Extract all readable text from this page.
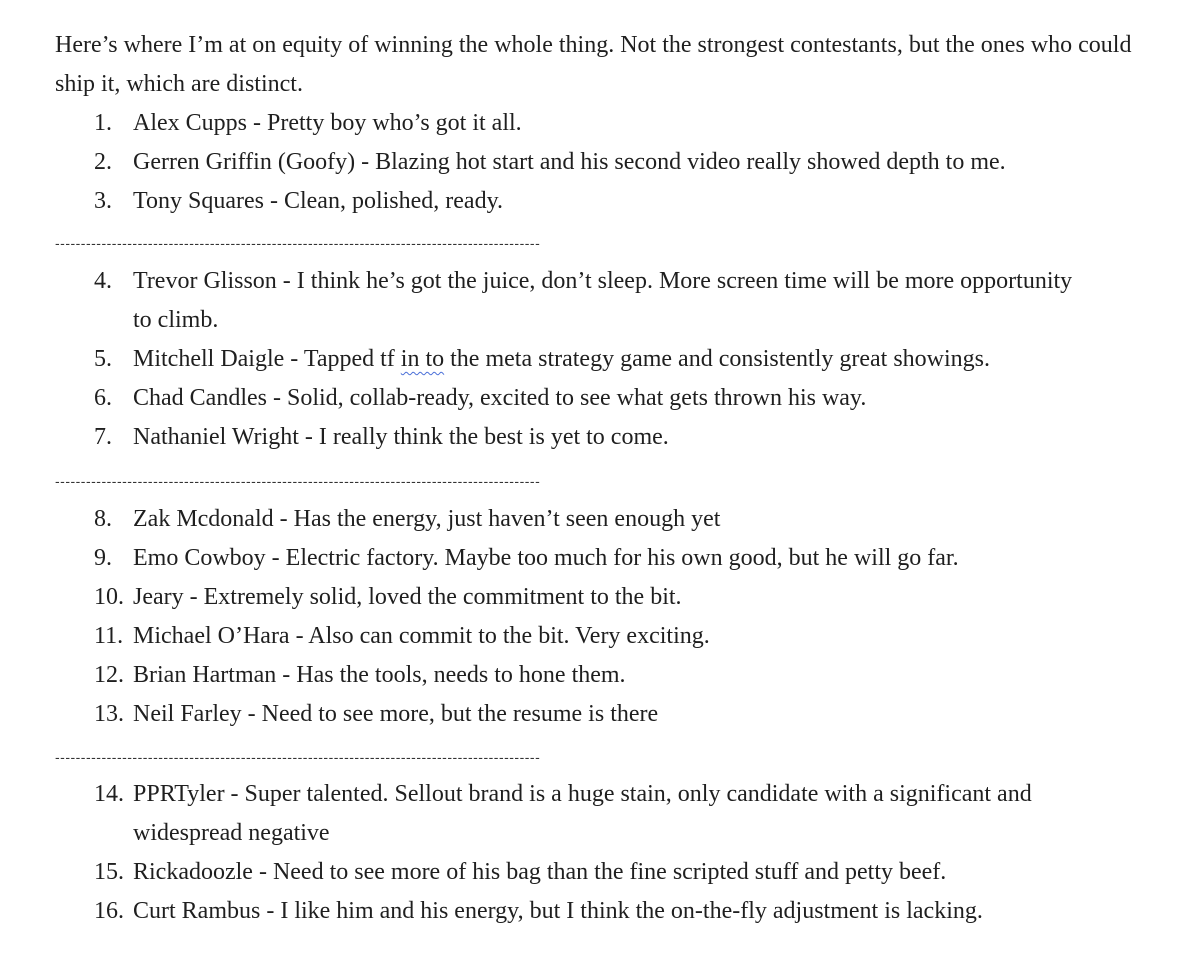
Here’s where I’m at on equity of winning the whole thing. Not the strongest contestants, but the ones who could ship it, which are distinct.

1. Alex Cupps - Pretty boy who’s got it all.
2. Gerren Griffin (Goofy) - Blazing hot start and his second video really showed depth to me.
3. Tony Squares - Clean, polished, ready.
----------------------------------------------------------------------------------------------
4. Trevor Glisson - I think he’s got the juice, don’t sleep. More screen time will be more opportunity to climb.
5. Mitchell Daigle - Tapped tf in to the meta strategy game and consistently great showings.
6. Chad Candles - Solid, collab-ready, excited to see what gets thrown his way.
7. Nathaniel Wright - I really think the best is yet to come.
----------------------------------------------------------------------------------------------
8. Zak Mcdonald - Has the energy, just haven’t seen enough yet
9. Emo Cowboy - Electric factory. Maybe too much for his own good, but he will go far.
10. Jeary - Extremely solid, loved the commitment to the bit.
11. Michael O’Hara - Also can commit to the bit. Very exciting.
12. Brian Hartman - Has the tools, needs to hone them.
13. Neil Farley - Need to see more, but the resume is there
----------------------------------------------------------------------------------------------
14. PPRTyler - Super talented. Sellout brand is a huge stain, only candidate with a significant and widespread negative
15. Rickadoozle - Need to see more of his bag than the fine scripted stuff and petty beef.
16. Curt Rambus - I like him and his energy, but I think the on-the-fly adjustment is lacking.
